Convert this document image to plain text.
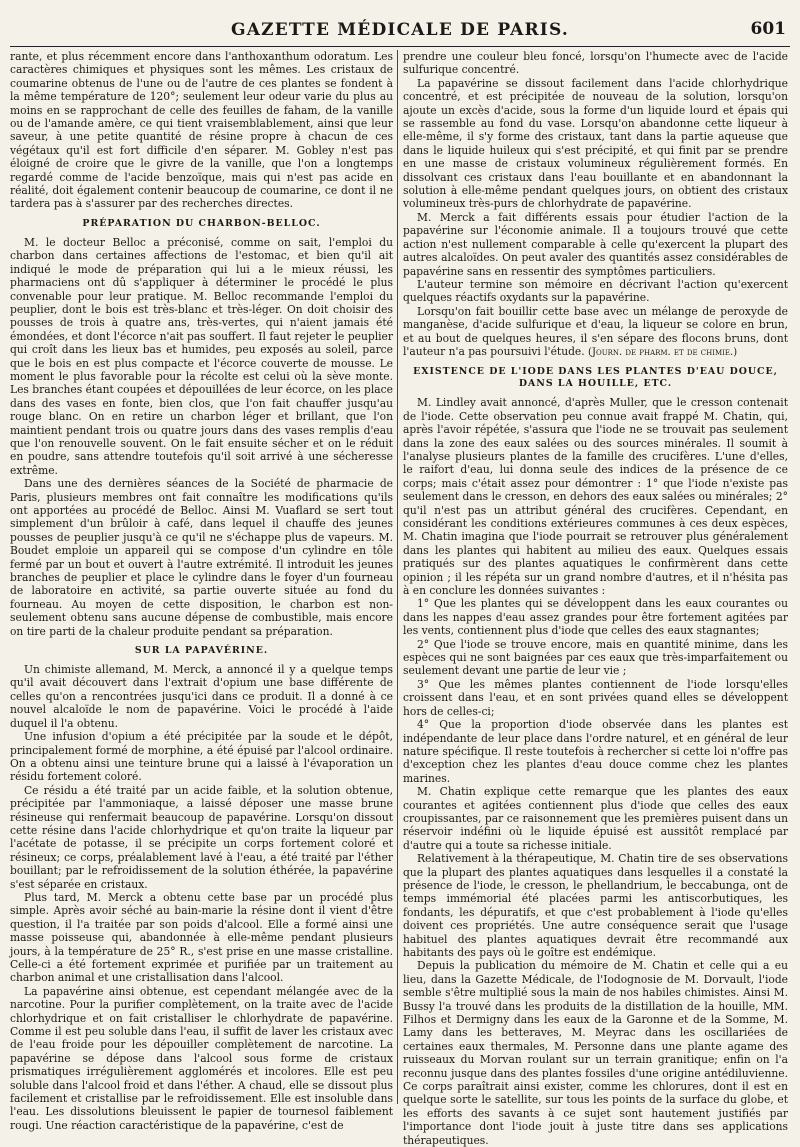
GAZETTE MÉDICALE DE PARIS.	601

rante, et plus récemment encore dans l'anthoxanthum odoratum. Les caractères chimiques et physiques sont les mêmes. Les cristaux de coumarine obtenus de l'une ou de l'autre de ces plantes se fondent à la même température de 120°; seulement leur odeur varie du plus au moins en se rapprochant de celle des feuilles de faham, de la vanille ou de l'amande amère, ce qui tient vraisemblablement, ainsi que leur saveur, à une petite quantité de résine propre à chacun de ces végétaux qu'il est fort difficile d'en séparer. M. Gobley n'est pas éloigné de croire que le givre de la vanille, que l'on a longtemps regardé comme de l'acide benzoïque, mais qui n'est pas acide en réalité, doit également contenir beaucoup de coumarine, ce dont il ne tardera pas à s'assurer par des recherches directes.

PRÉPARATION DU CHARBON-BELLOC.

M. le docteur Belloc a préconisé, comme on sait, l'emploi du charbon dans certaines affections de l'estomac, et bien qu'il ait indiqué le mode de préparation qui lui a le mieux réussi, les pharmaciens ont dû s'appliquer à déterminer le procédé le plus convenable pour leur pratique. M. Belloc recommande l'emploi du peuplier, dont le bois est très-blanc et très-léger. On doit choisir des pousses de trois à quatre ans, très-vertes, qui n'aient jamais été émondées, et dont l'écorce n'ait pas souffert. Il faut rejeter le peuplier qui croît dans les lieux bas et humides, peu exposés au soleil, parce que le bois en est plus compacte et l'écorce couverte de mousse. Le moment le plus favorable pour la récolte est celui où la sève monte. Les branches étant coupées et dépouillées de leur écorce, on les place dans des vases en fonte, bien clos, que l'on fait chauffer jusqu'au rouge blanc. On en retire un charbon léger et brillant, que l'on maintient pendant trois ou quatre jours dans des vases remplis d'eau que l'on renouvelle souvent. On le fait ensuite sécher et on le réduit en poudre, sans attendre toutefois qu'il soit arrivé à une sécheresse extrême.

Dans une des dernières séances de la Société de pharmacie de Paris, plusieurs membres ont fait connaître les modifications qu'ils ont apportées au procédé de Belloc. Ainsi M. Vuaflard se sert tout simplement d'un brûloir à café, dans lequel il chauffe des jeunes pousses de peuplier jusqu'à ce qu'il ne s'échappe plus de vapeurs. M. Boudet emploie un appareil qui se compose d'un cylindre en tôle fermé par un bout et ouvert à l'autre extrémité. Il introduit les jeunes branches de peuplier et place le cylindre dans le foyer d'un fourneau de laboratoire en activité, sa partie ouverte située au fond du fourneau. Au moyen de cette disposition, le charbon est non-seulement obtenu sans aucune dépense de combustible, mais encore on tire parti de la chaleur produite pendant sa préparation.

SUR LA PAPAVÉRINE.

Un chimiste allemand, M. Merck, a annoncé il y a quelque temps qu'il avait découvert dans l'extrait d'opium une base différente de celles qu'on a rencontrées jusqu'ici dans ce produit. Il a donné à ce nouvel alcaloïde le nom de papavérine. Voici le procédé à l'aide duquel il l'a obtenu.

Une infusion d'opium a été précipitée par la soude et le dépôt, principalement formé de morphine, a été épuisé par l'alcool ordinaire. On a obtenu ainsi une teinture brune qui a laissé à l'évaporation un résidu fortement coloré.

Ce résidu a été traité par un acide faible, et la solution obtenue, précipitée par l'ammoniaque, a laissé déposer une masse brune résineuse qui renfermait beaucoup de papavérine. Lorsqu'on dissout cette résine dans l'acide chlorhydrique et qu'on traite la liqueur par l'acétate de potasse, il se précipite un corps fortement coloré et résineux; ce corps, préalablement lavé à l'eau, a été traité par l'éther bouillant; par le refroidissement de la solution éthérée, la papavérine s'est séparée en cristaux.

Plus tard, M. Merck a obtenu cette base par un procédé plus simple. Après avoir séché au bain-marie la résine dont il vient d'être question, il l'a traitée par son poids d'alcool. Elle a formé ainsi une masse poisseuse qui, abandonnée à elle-même pendant plusieurs jours, à la température de 25° R., s'est prise en une masse cristalline. Celle-ci a été fortement exprimée et purifiée par un traitement au charbon animal et une cristallisation dans l'alcool.

La papavérine ainsi obtenue, est cependant mélangée avec de la narcotine. Pour la purifier complètement, on la traite avec de l'acide chlorhydrique et on fait cristalliser le chlorhydrate de papavérine. Comme il est peu soluble dans l'eau, il suffit de laver les cristaux avec de l'eau froide pour les dépouiller complètement de narcotine. La papavérine se dépose dans l'alcool sous forme de cristaux prismatiques irrégulièrement agglomérés et incolores. Elle est peu soluble dans l'alcool froid et dans l'éther. A chaud, elle se dissout plus facilement et cristallise par le refroidissement. Elle est insoluble dans l'eau. Les dissolutions bleuissent le papier de tournesol faiblement rougi. Une réaction caractéristique de la papavérine, c'est de

prendre une couleur bleu foncé, lorsqu'on l'humecte avec de l'acide sulfurique concentré.

La papavérine se dissout facilement dans l'acide chlorhydrique concentré, et est précipitée de nouveau de la solution, lorsqu'on ajoute un excès d'acide, sous la forme d'un liquide lourd et épais qui se rassemble au fond du vase. Lorsqu'on abandonne cette liqueur à elle-même, il s'y forme des cristaux, tant dans la partie aqueuse que dans le liquide huileux qui s'est précipité, et qui finit par se prendre en une masse de cristaux volumineux régulièrement formés. En dissolvant ces cristaux dans l'eau bouillante et en abandonnant la solution à elle-même pendant quelques jours, on obtient des cristaux volumineux très-purs de chlorhydrate de papavérine.

M. Merck a fait différents essais pour étudier l'action de la papavérine sur l'économie animale. Il a toujours trouvé que cette action n'est nullement comparable à celle qu'exercent la plupart des autres alcaloïdes. On peut avaler des quantités assez considérables de papavérine sans en ressentir des symptômes particuliers.

L'auteur termine son mémoire en décrivant l'action qu'exercent quelques réactifs oxydants sur la papavérine.

Lorsqu'on fait bouillir cette base avec un mélange de peroxyde de manganèse, d'acide sulfurique et d'eau, la liqueur se colore en brun, et au bout de quelques heures, il s'en sépare des flocons bruns, dont l'auteur n'a pas poursuivi l'étude. (Journ. de pharm. et de chimie.)

EXISTENCE DE L'IODE DANS LES PLANTES D'EAU DOUCE, DANS LA HOUILLE, ETC.

M. Lindley avait annoncé, d'après Muller, que le cresson contenait de l'iode. Cette observation peu connue avait frappé M. Chatin, qui, après l'avoir répétée, s'assura que l'iode ne se trouvait pas seulement dans la zone des eaux salées ou des sources minérales. Il soumit à l'analyse plusieurs plantes de la famille des crucifères. L'une d'elles, le raifort d'eau, lui donna seule des indices de la présence de ce corps; mais c'était assez pour démontrer : 1° que l'iode n'existe pas seulement dans le cresson, en dehors des eaux salées ou minérales; 2° qu'il n'est pas un attribut général des crucifères. Cependant, en considérant les conditions extérieures communes à ces deux espèces, M. Chatin imagina que l'iode pourrait se retrouver plus généralement dans les plantes qui habitent au milieu des eaux. Quelques essais pratiqués sur des plantes aquatiques le confirmèrent dans cette opinion ; il les répéta sur un grand nombre d'autres, et il n'hésita pas à en conclure les données suivantes :

1° Que les plantes qui se développent dans les eaux courantes ou dans les nappes d'eau assez grandes pour être fortement agitées par les vents, contiennent plus d'iode que celles des eaux stagnantes;

2° Que l'iode se trouve encore, mais en quantité minime, dans les espèces qui ne sont baignées par ces eaux que très-imparfaitement ou seulement devant une partie de leur vie ;

3° Que les mêmes plantes contiennent de l'iode lorsqu'elles croissent dans l'eau, et en sont privées quand elles se développent hors de celles-ci;

4° Que la proportion d'iode observée dans les plantes est indépendante de leur place dans l'ordre naturel, et en général de leur nature spécifique. Il reste toutefois à rechercher si cette loi n'offre pas d'exception chez les plantes d'eau douce comme chez les plantes marines.

M. Chatin explique cette remarque que les plantes des eaux courantes et agitées contiennent plus d'iode que celles des eaux croupissantes, par ce raisonnement que les premières puisent dans un réservoir indéfini où le liquide épuisé est aussitôt remplacé par d'autre qui a toute sa richesse initiale.

Relativement à la thérapeutique, M. Chatin tire de ses observations que la plupart des plantes aquatiques dans lesquelles il a constaté la présence de l'iode, le cresson, le phellandrium, le beccabunga, ont de temps immémorial été placées parmi les antiscorbutiques, les fondants, les dépuratifs, et que c'est probablement à l'iode qu'elles doivent ces propriétés. Une autre conséquence serait que l'usage habituel des plantes aquatiques devrait être recommandé aux habitants des pays où le goître est endémique.

Depuis la publication du mémoire de M. Chatin et celle qui a eu lieu, dans la Gazette Médicale, de l'Iodognosie de M. Dorvault, l'iode semble s'être multiplié sous la main de nos habiles chimistes. Ainsi M. Bussy l'a trouvé dans les produits de la distillation de la houille, MM. Filhos et Dermigny dans les eaux de la Garonne et de la Somme, M. Lamy dans les betteraves, M. Meyrac dans les oscillariées de certaines eaux thermales, M. Personne dans une plante agame des ruisseaux du Morvan roulant sur un terrain granitique; enfin on l'a reconnu jusque dans des plantes fossiles d'une origine antédiluvienne. Ce corps paraîtrait ainsi exister, comme les chlorures, dont il est en quelque sorte le satellite, sur tous les points de la surface du globe, et les efforts des savants à ce sujet sont hautement justifiés par l'importance dont l'iode jouit à juste titre dans ses applications thérapeutiques.
